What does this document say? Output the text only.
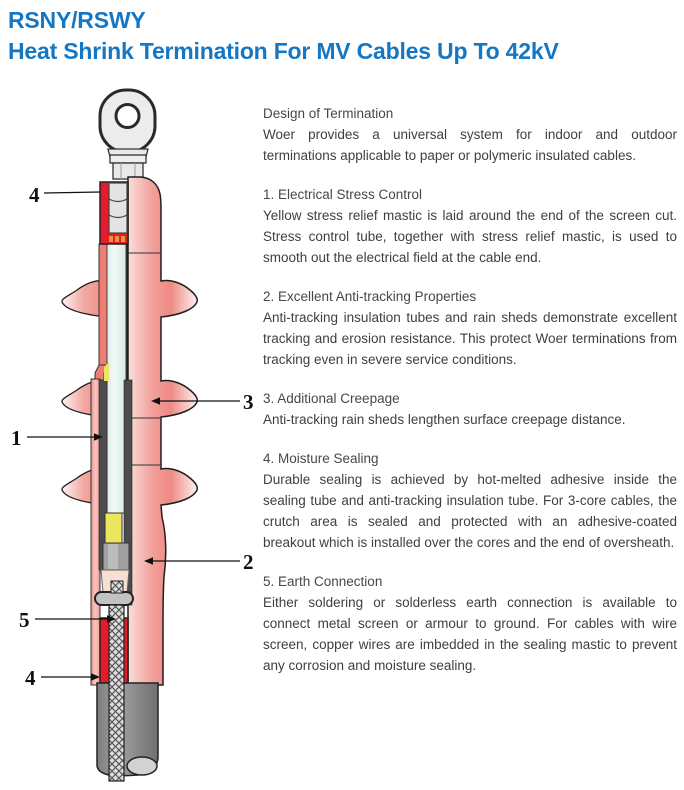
RSNY/RSWY
Heat Shrink Termination For MV Cables Up To 42kV
4
1
3
2
5
4
Design of Termination
Woer provides a universal system for indoor and outdoor terminations applicable to paper or polymeric insulated cables.
1. Electrical Stress Control
Yellow stress relief mastic is laid around the end of the screen cut. Stress control tube, together with stress relief mastic, is used to smooth out the electrical field at the cable end.
2. Excellent Anti-tracking Properties
Anti-tracking insulation tubes and rain sheds demonstrate excellent tracking and erosion resistance. This protect Woer terminations from tracking even in severe service conditions.
3. Additional Creepage
Anti-tracking rain sheds lengthen surface creepage distance.
4. Moisture Sealing
Durable sealing is achieved by hot-melted adhesive inside the sealing tube and anti-tracking insulation tube. For 3-core cables, the crutch area is sealed and protected with an adhesive-coated breakout which is installed over the cores and the end of oversheath.
5. Earth Connection
Either soldering or solderless earth connection is available to connect metal screen or armour to ground. For cables with wire screen, copper wires are imbedded in the sealing mastic to prevent any corrosion and moisture sealing.
